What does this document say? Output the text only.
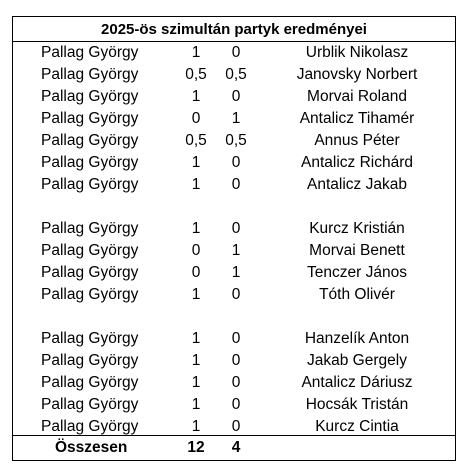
2025-ös szimultán partyk eredményei
Pallag György	1	0	Urblik Nikolasz
Pallag György	0,5	0,5	Janovsky Norbert
Pallag György	1	0	Morvai Roland
Pallag György	0	1	Antalicz Tihamér
Pallag György	0,5	0,5	Annus Péter
Pallag György	1	0	Antalicz Richárd
Pallag György	1	0	Antalicz Jakab
Pallag György	1	0	Kurcz Kristián
Pallag György	0	1	Morvai Benett
Pallag György	0	1	Tenczer János
Pallag György	1	0	Tóth Olivér
Pallag György	1	0	Hanzelík Anton
Pallag György	1	0	Jakab Gergely
Pallag György	1	0	Antalicz Dáriusz
Pallag György	1	0	Hocsák Tristán
Pallag György	1	0	Kurcz Cintia
Összesen	12	4
